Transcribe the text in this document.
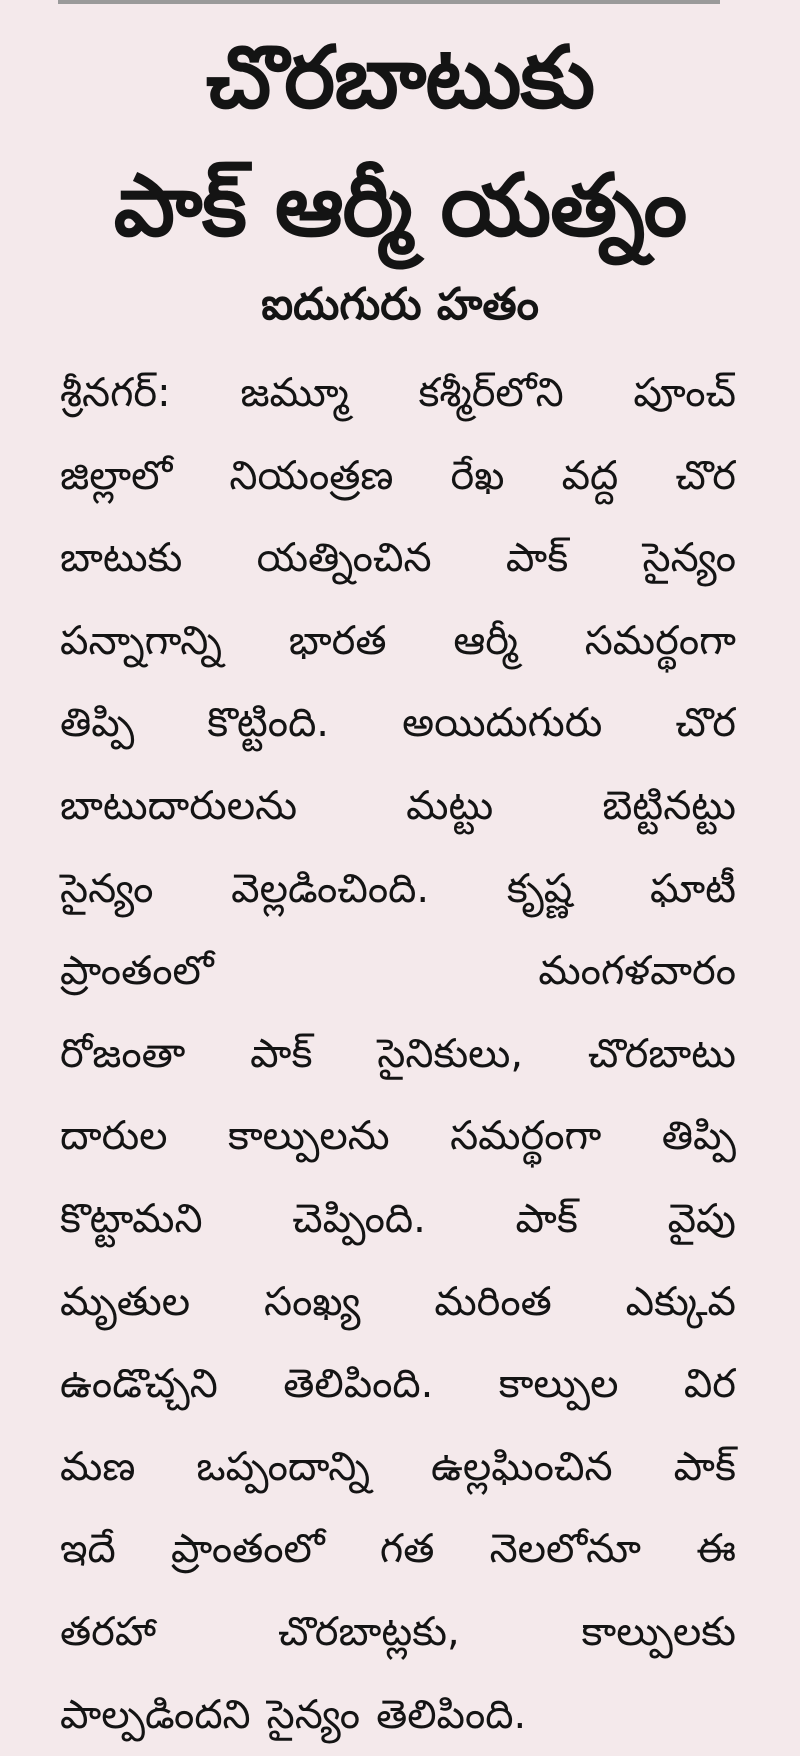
చొరబాటుకు
పాక్ ఆర్మీ యత్నం
ఐదుగురు హతం
శ్రీనగర్: జమ్మూ కశ్మీర్‌లోని పూంచ్
జిల్లాలో నియంత్రణ రేఖ వద్ద చొర
బాటుకు యత్నించిన పాక్ సైన్యం
పన్నాగాన్ని భారత ఆర్మీ సమర్థంగా
తిప్పి కొట్టింది. అయిదుగురు చొర
బాటుదారులను	మట్టు	బెట్టినట్టు
సైన్యం వెల్లడించింది. కృష్ణ ఘాటీ
ప్రాంతంలో	మంగళవారం
రోజంతా పాక్ సైనికులు, చొరబాటు
దారుల కాల్పులను సమర్థంగా తిప్పి
కొట్టామని చెప్పింది. పాక్ వైపు
మృతుల సంఖ్య మరింత ఎక్కువ
ఉండొచ్చని తెలిపింది. కాల్పుల విర
మణ ఒప్పందాన్ని ఉల్లఘించిన పాక్
ఇదే ప్రాంతంలో గత నెలలోనూ ఈ
తరహా	చొరబాట్లకు,	కాల్పులకు
పాల్పడిందని సైన్యం తెలిపింది.
